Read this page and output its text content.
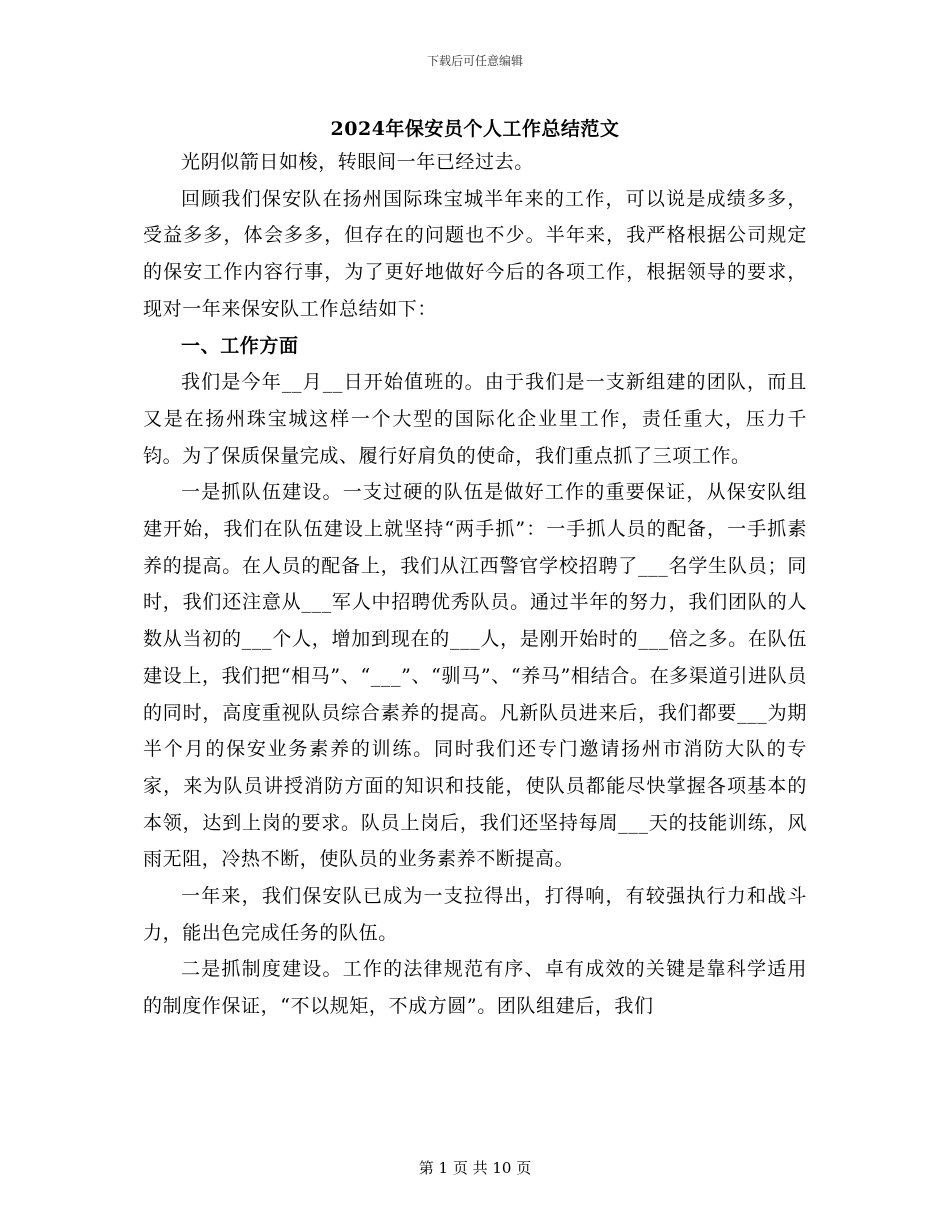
下载后可任意编辑
2024年保安员个人工作总结范文

光阴似箭日如梭，转眼间一年已经过去。

回顾我们保安队在扬州国际珠宝城半年来的工作，可以说是成绩多多，受益多多，体会多多，但存在的问题也不少。半年来，我严格根据公司规定的保安工作内容行事，为了更好地做好今后的各项工作，根据领导的要求，现对一年来保安队工作总结如下：

一、工作方面

我们是今年__月__日开始值班的。由于我们是一支新组建的团队，而且又是在扬州珠宝城这样一个大型的国际化企业里工作，责任重大，压力千钧。为了保质保量完成、履行好肩负的使命，我们重点抓了三项工作。

一是抓队伍建设。一支过硬的队伍是做好工作的重要保证，从保安队组建开始，我们在队伍建设上就坚持“两手抓”：一手抓人员的配备，一手抓素养的提高。在人员的配备上，我们从江西警官学校招聘了___名学生队员；同时，我们还注意从___军人中招聘优秀队员。通过半年的努力，我们团队的人数从当初的___个人，增加到现在的___人，是刚开始时的___倍之多。在队伍建设上，我们把“相马”、“___”、“驯马”、“养马”相结合。在多渠道引进队员的同时，高度重视队员综合素养的提高。凡新队员进来后，我们都要___为期半个月的保安业务素养的训练。同时我们还专门邀请扬州市消防大队的专家，来为队员讲授消防方面的知识和技能，使队员都能尽快掌握各项基本的本领，达到上岗的要求。队员上岗后，我们还坚持每周___天的技能训练，风雨无阻，冷热不断，使队员的业务素养不断提高。

一年来，我们保安队已成为一支拉得出，打得响，有较强执行力和战斗力，能出色完成任务的队伍。

二是抓制度建设。工作的法律规范有序、卓有成效的关键是靠科学适用的制度作保证，“不以规矩，不成方圆”。团队组建后，我们

第 1 页 共 10 页
